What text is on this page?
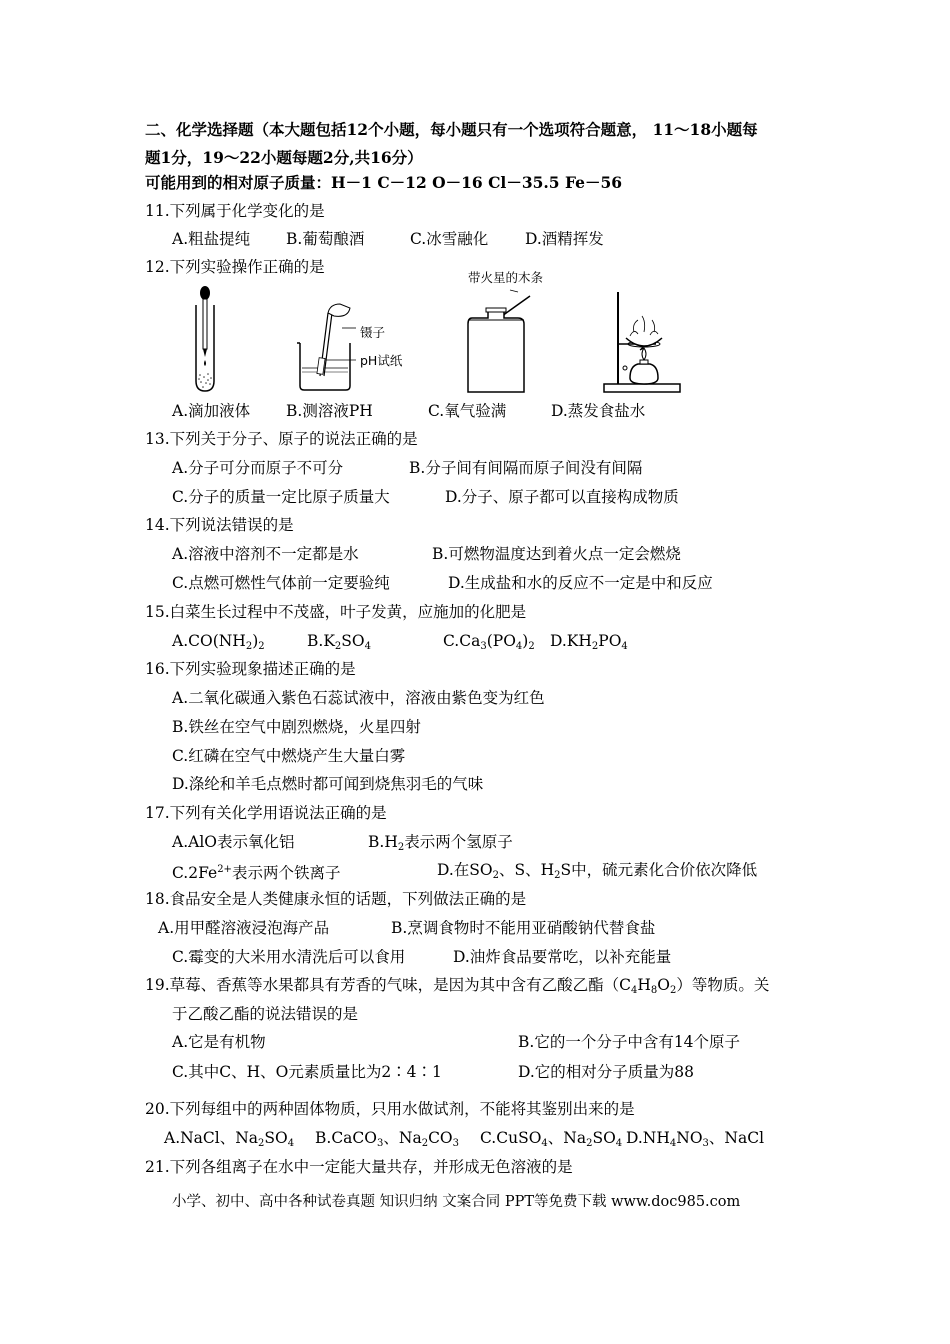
二、化学选择题（本大题包括12个小题，每小题只有一个选项符合题意， 11～18小题每
题1分，19～22小题每题2分,共16分）
可能用到的相对原子质量：H－1 C－12 O－16 Cl－35.5 Fe－56
11.下列属于化学变化的是
A.粗盐提纯 B.葡萄酿酒	C.冰雪融化 D.酒精挥发
12.下列实验操作正确的是
镊子
pH试纸
带火星的木条
A.滴加液体 B.测溶液PH	C.氧气验满	D.蒸发食盐水
13.下列关于分子、原子的说法正确的是
A.分子可分而原子不可分	B.分子间有间隔而原子间没有间隔
C.分子的质量一定比原子质量大	D.分子、原子都可以直接构成物质
14.下列说法错误的是
A.溶液中溶剂不一定都是水	B.可燃物温度达到着火点一定会燃烧
C.点燃可燃性气体前一定要验纯	D.生成盐和水的反应不一定是中和反应
15.白菜生长过程中不茂盛，叶子发黄，应施加的化肥是
$A.CO(NH_2)_2$	$B.K_2SO_4$	$C.Ca_3(PO_4)_2$ $D.KH_2PO_4$
16.下列实验现象描述正确的是
A.二氧化碳通入紫色石蕊试液中，溶液由紫色变为红色
B.铁丝在空气中剧烈燃烧，火星四射
C.红磷在空气中燃烧产生大量白雾
D.涤纶和羊毛点燃时都可闻到烧焦羽毛的气味
17.下列有关化学用语说法正确的是
A.AlO表示氧化铝	$B.H_2$表示两个氢原子
$C.2Fe^{2+}$表示两个铁离子	D.在$SO_2$、S、$H_2S$中，硫元素化合价依次降低
18.食品安全是人类健康永恒的话题，下列做法正确的是
A.用甲醛溶液浸泡海产品	B.烹调食物时不能用亚硝酸钠代替食盐
C.霉变的大米用水清洗后可以食用	D.油炸食品要常吃，以补充能量
19.草莓、香蕉等水果都具有芳香的气味，是因为其中含有乙酸乙酯$(C_4H_8O_2)$等物质。关
于乙酸乙酯的说法错误的是
A.它是有机物	B.它的一个分子中含有14个原子
C.其中C、H、O元素质量比为2∶4∶1	D.它的相对分子质量为88
20.下列每组中的两种固体物质，只用水做试剂，不能将其鉴别出来的是
A.NaCl、$Na_2SO_4$ B.CaCO$_3$、$Na_2CO_3$ C.CuSO$_4$、$Na_2SO_4$ $D.NH_4NO_3$、NaCl
21.下列各组离子在水中一定能大量共存，并形成无色溶液的是
小学、初中、高中各种试卷真题 知识归纳 文案合同 PPT等免费下载 www.doc985.com
